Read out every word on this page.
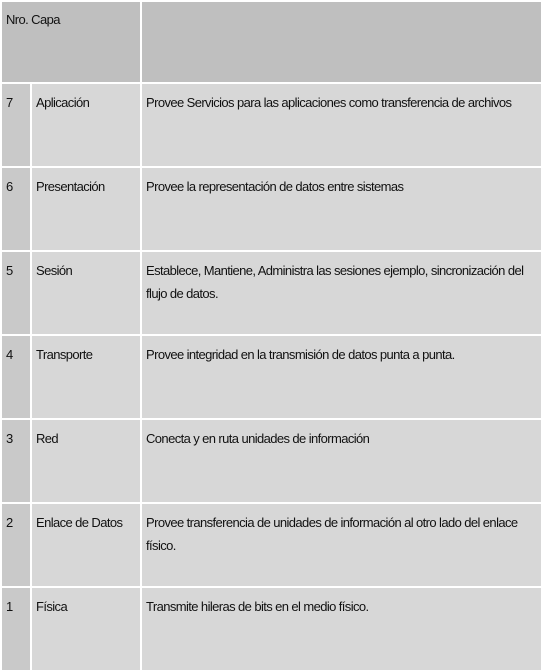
Nro. Capa		
7	Aplicación	Provee Servicios para las aplicaciones como transferencia de archivos
6	Presentación	Provee la representación de datos entre sistemas
5	Sesión	Establece, Mantiene, Administra las sesiones ejemplo, sincronización del flujo de datos.
4	Transporte	Provee integridad en la transmisión de datos punta a punta.
3	Red	Conecta y en ruta unidades de información
2	Enlace de Datos	Provee transferencia de unidades de información al otro lado del enlace físico.
1	Física	Transmite hileras de bits en el medio físico.
